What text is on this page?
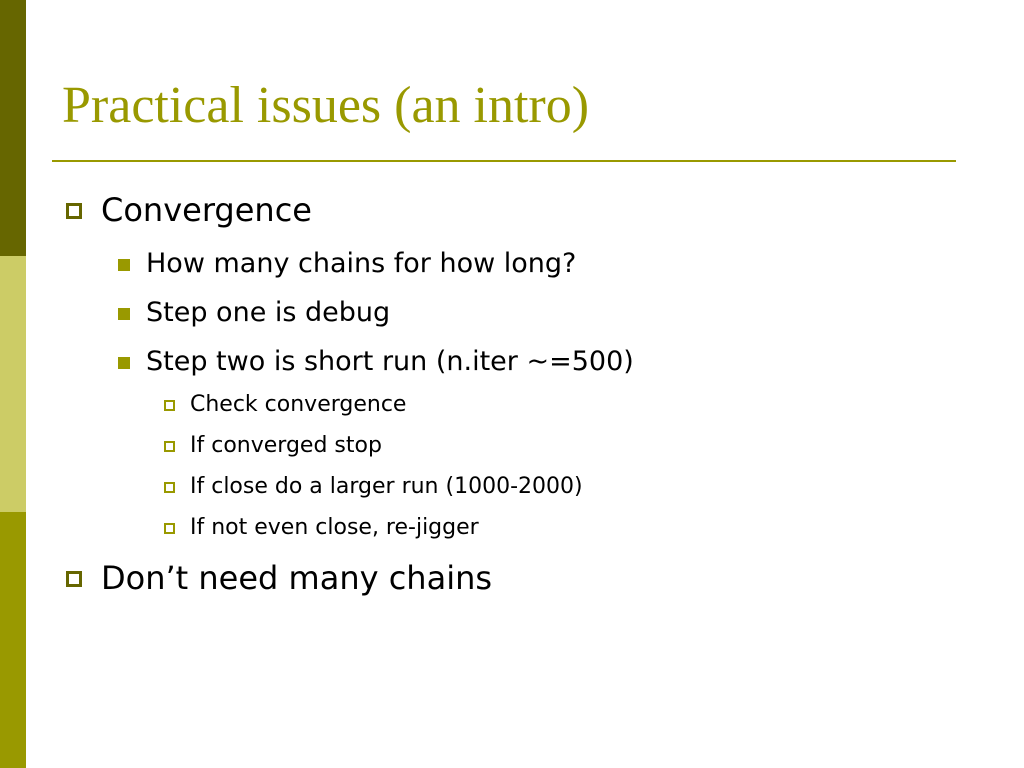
Practical issues (an intro)
Convergence
How many chains for how long?
Step one is debug
Step two is short run (n.iter ~=500)
Check convergence
If converged stop
If close do a larger run (1000-2000)
If not even close, re-jigger
Don’t need many chains
